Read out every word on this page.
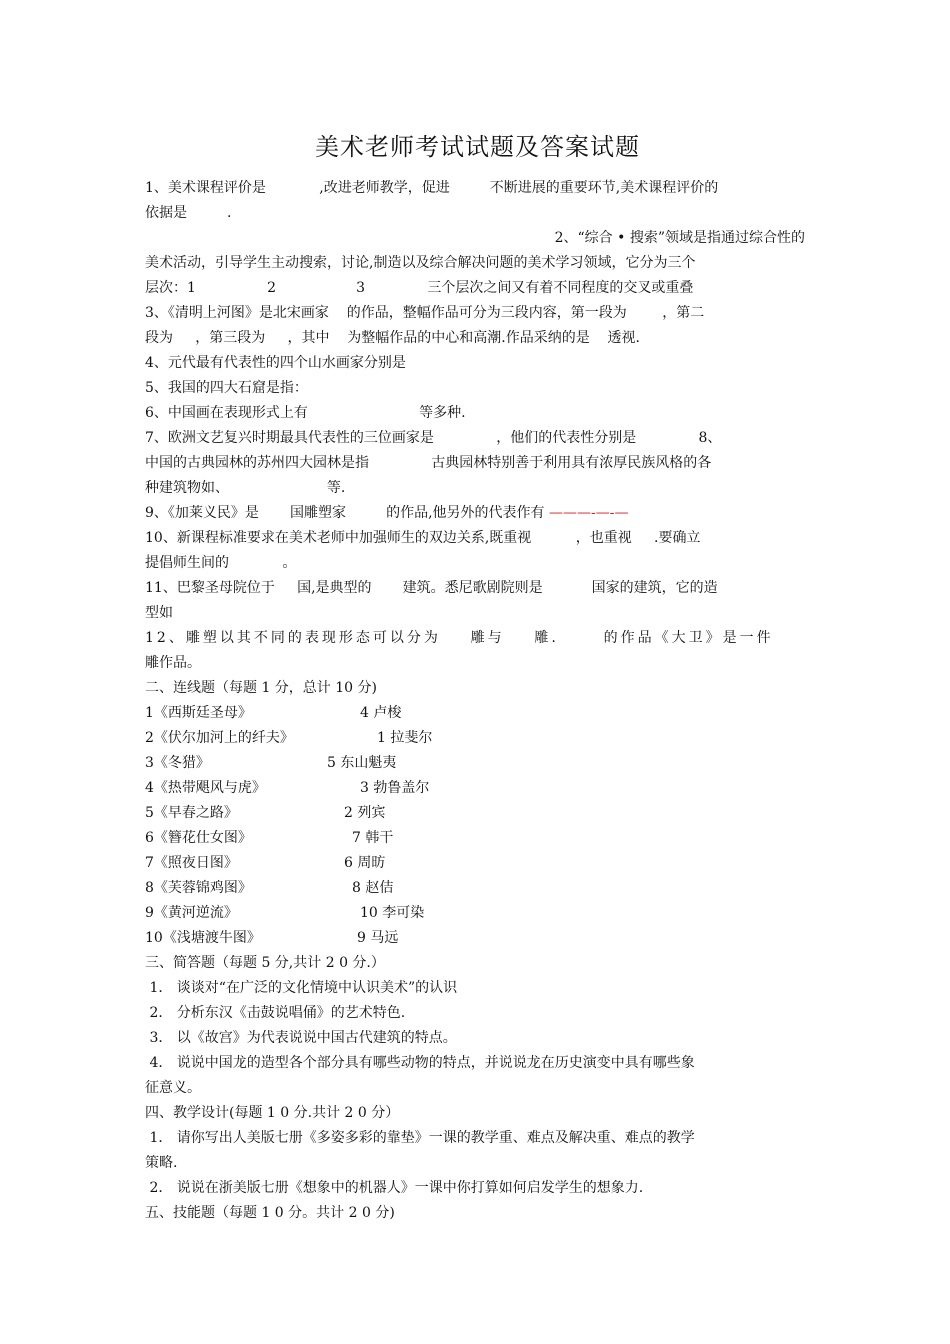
美术老师考试试题及答案试题
1、美术课程评价是            ,改进老师教学，促进         不断进展的重要环节,美术课程评价的
依据是         .
2、“综合 • 搜索”领域是指通过综合性的
美术活动，引导学生主动搜索，讨论,制造以及综合解决问题的美术学习领域，它分为三个
层次：1                2                  3              三个层次之间又有着不同程度的交叉或重叠
3、《清明上河图》是北宋画家    的作品，整幅作品可分为三段内容，第一段为        ，第二
段为     ，第三段为     ，其中    为整幅作品的中心和高潮.作品采纳的是    透视.
4、元代最有代表性的四个山水画家分别是
5、我国的四大石窟是指：
6、中国画在表现形式上有                         等多种.
7、欧洲文艺复兴时期最具代表性的三位画家是              ，他们的代表性分别是              8、
中国的古典园林的苏州四大园林是指              古典园林特别善于利用具有浓厚民族风格的各
种建筑物如、                      等.
9、《加莱义民》是       国雕塑家         的作品,他另外的代表作有 ———-—-—
10、新课程标准要求在美术老师中加强师生的双边关系,既重视          ，也重视     .要确立
提倡师生间的            。
11、巴黎圣母院位于     国,是典型的       建筑。悉尼歌剧院则是           国家的建筑，它的造
型如
12、雕塑以其不同的表现形态可以分为    雕与    雕.      的作品《大卫》是一件
雕作品。
二、连线题（每题 1 分，总计 10 分)
1《西斯廷圣母》	4 卢梭
2《伏尔加河上的纤夫》	1 拉斐尔
3《冬猎》	5 东山魁夷
4《热带飓风与虎》	3 勃鲁盖尔
5《早春之路》	2 列宾
6《簪花仕女图》	7 韩干
7《照夜日图》	6 周昉
8《芙蓉锦鸡图》	8 赵佶
9《黄河逆流》	10 李可染
10《浅塘渡牛图》	9 马远
三、简答题（每题 5 分,共计 2 0 分.）
1． 谈谈对“在广泛的文化情境中认识美术”的认识
2． 分析东汉《击鼓说唱俑》的艺术特色.
3． 以《故宫》为代表说说中国古代建筑的特点。
4． 说说中国龙的造型各个部分具有哪些动物的特点，并说说龙在历史演变中具有哪些象
征意义。
四、教学设计(每题 1 0 分.共计 2 0 分）
1． 请你写出人美版七册《多姿多彩的靠垫》一课的教学重、难点及解决重、难点的教学
策略.
2． 说说在浙美版七册《想象中的机器人》一课中你打算如何启发学生的想象力.
五、技能题（每题 1 0 分。共计 2 0 分)
